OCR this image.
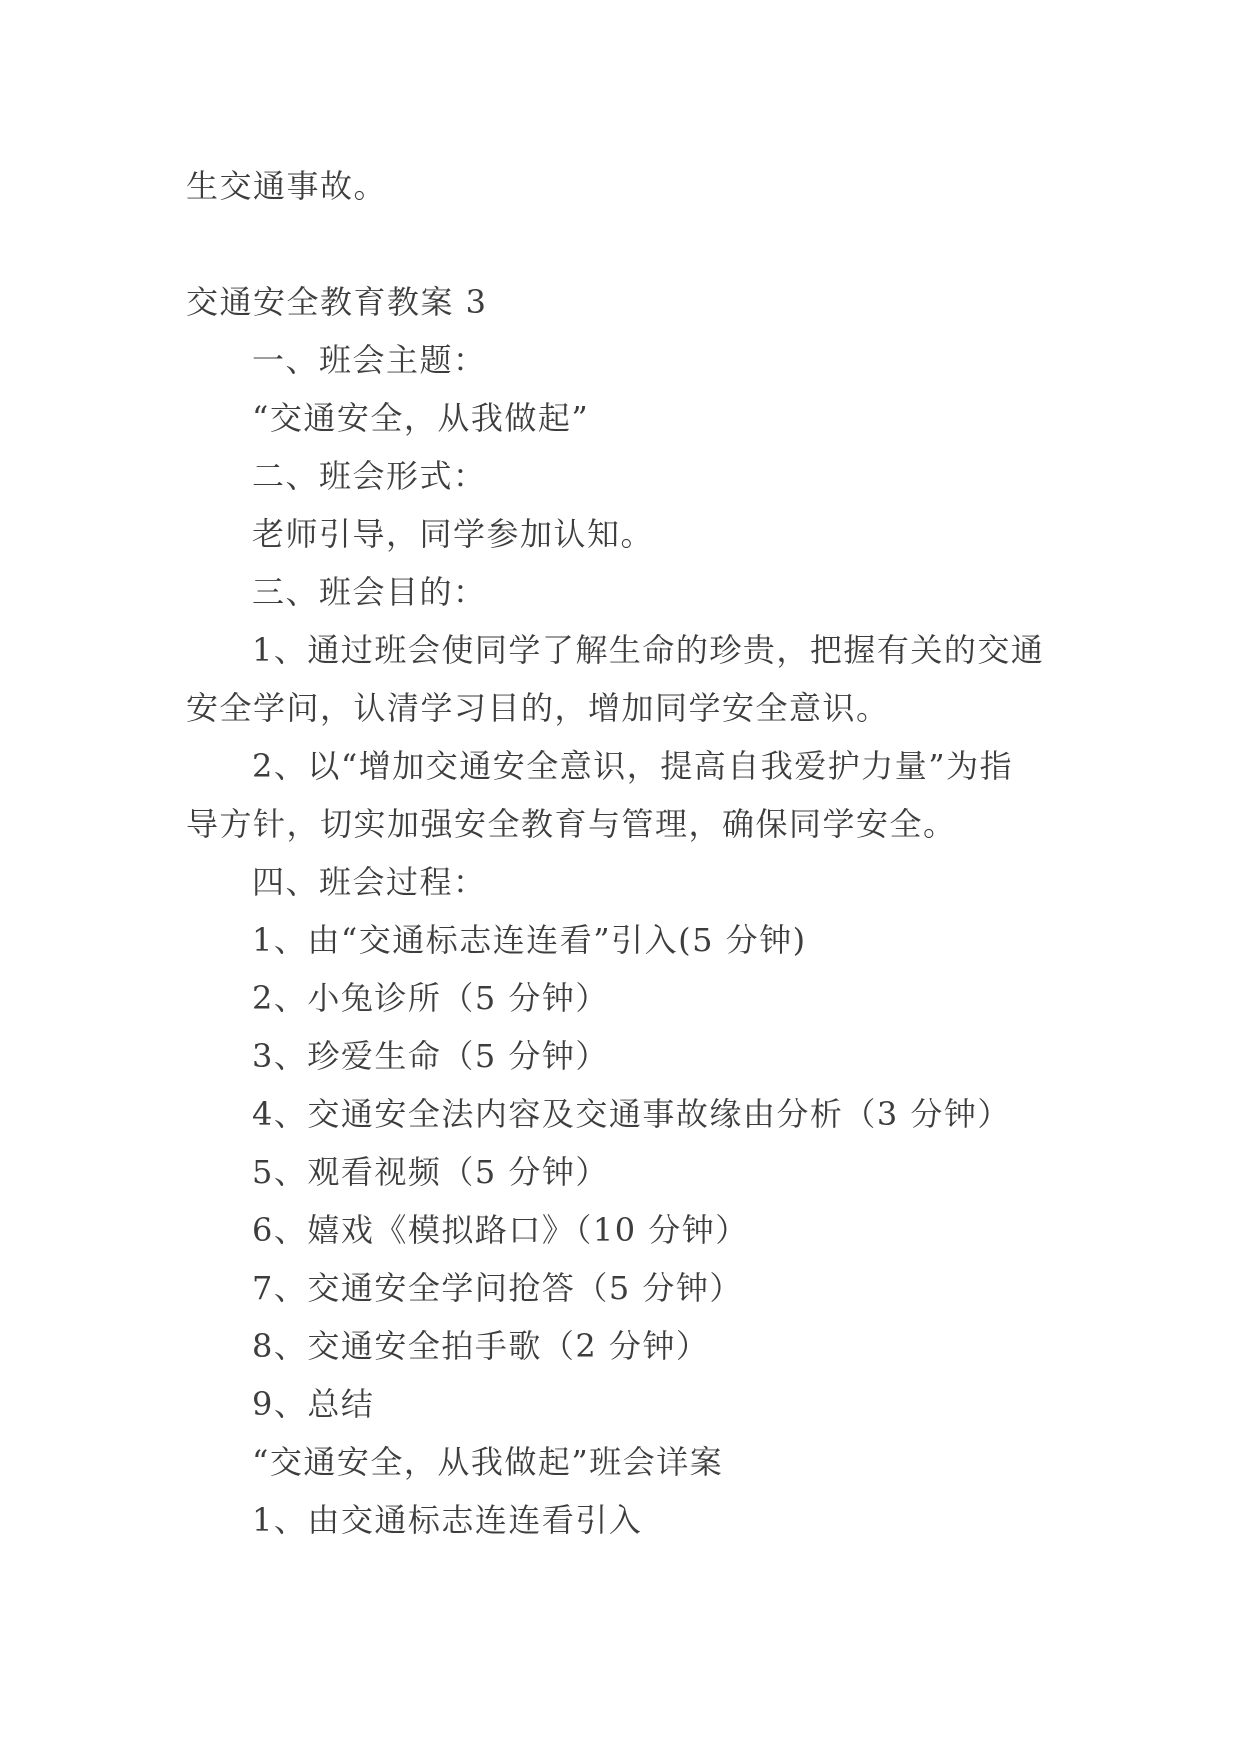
生交通事故。
交通安全教育教案 3
一、班会主题：
“交通安全，从我做起”
二、班会形式：
老师引导，同学参加认知。
三、班会目的：
1、通过班会使同学了解生命的珍贵，把握有关的交通
安全学问，认清学习目的，增加同学安全意识。
2、以“增加交通安全意识，提高自我爱护力量”为指
导方针，切实加强安全教育与管理，确保同学安全。
四、班会过程：
1、由“交通标志连连看”引入(5 分钟)
2、小兔诊所（5 分钟）
3、珍爱生命（5 分钟）
4、交通安全法内容及交通事故缘由分析（3 分钟）
5、观看视频（5 分钟）
6、嬉戏《模拟路口》（10 分钟）
7、交通安全学问抢答（5 分钟）
8、交通安全拍手歌（2 分钟）
9、总结
“交通安全，从我做起”班会详案
1、由交通标志连连看引入
